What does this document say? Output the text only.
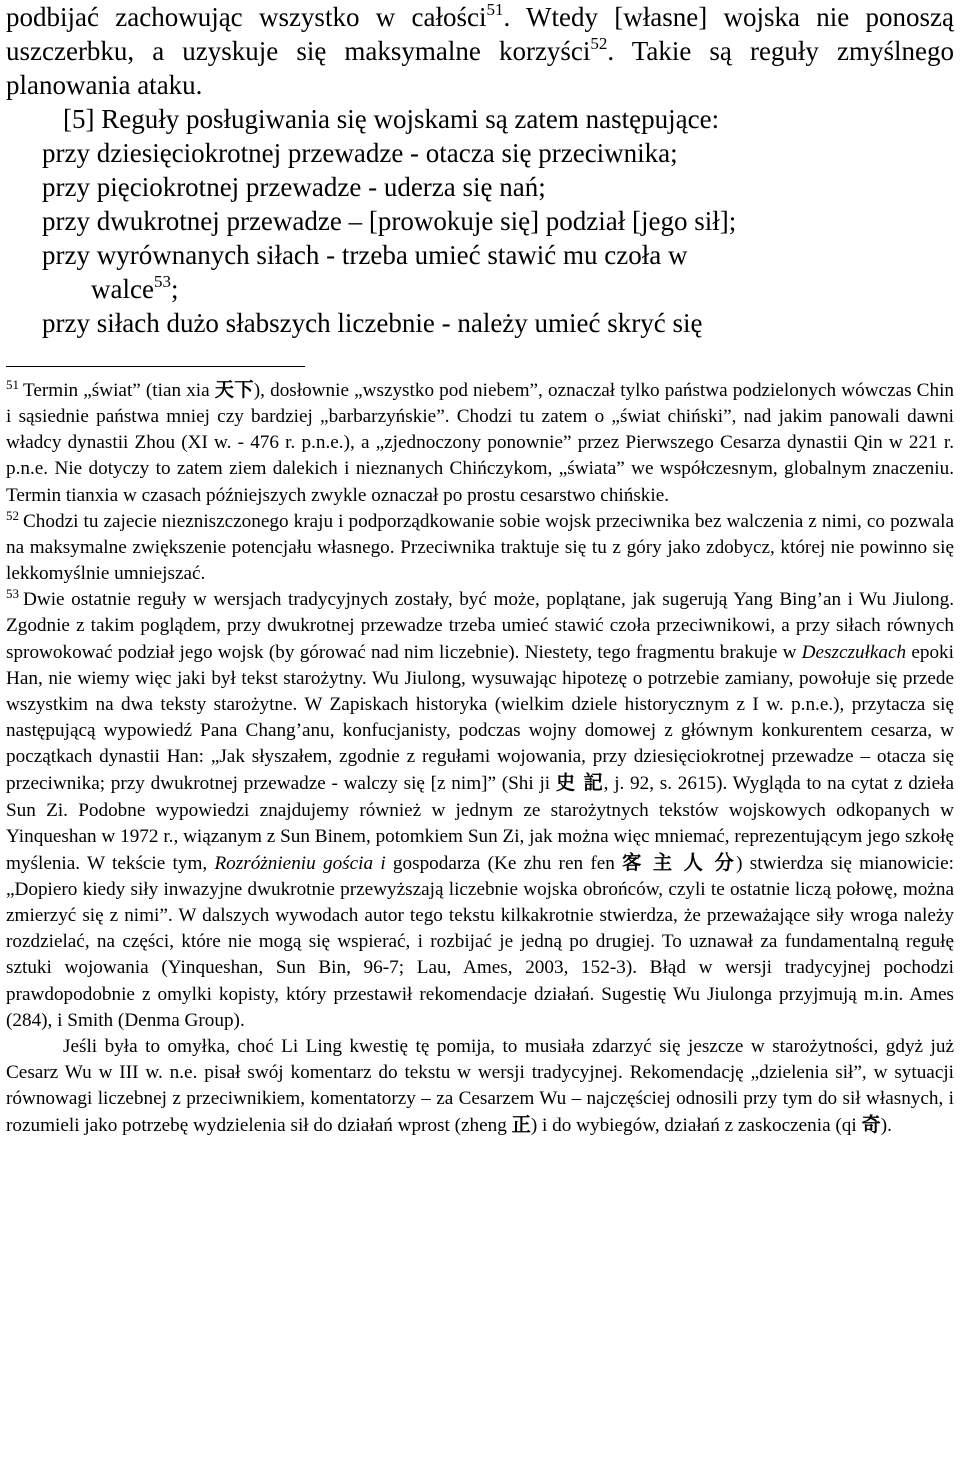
podbijać zachowując wszystko w całości$^{51}$. Wtedy [własne] wojska nie ponoszą uszczerbku, a uzyskuje się maksymalne korzyści$^{52}$. Takie są reguły zmyślnego planowania ataku.

[5] Reguły posługiwania się wojskami są zatem następujące:
przy dziesięciokrotnej przewadze - otacza się przeciwnika;
przy pięciokrotnej przewadze - uderza się nań;
przy dwukrotnej przewadze – [prowokuje się] podział [jego sił];
przy wyrównanych siłach - trzeba umieć stawić mu czoła w
walce$^{53}$;
przy siłach dużo słabszych liczebnie - należy umieć skryć się

$^{51}$ Termin „świat” (tian xia 天下), dosłownie „wszystko pod niebem”, oznaczał tylko państwa podzielonych wówczas Chin i sąsiednie państwa mniej czy bardziej „barbarzyńskie”. Chodzi tu zatem o „świat chiński”, nad jakim panowali dawni władcy dynastii Zhou (XI w. - 476 r. p.n.e.), a „zjednoczony ponownie” przez Pierwszego Cesarza dynastii Qin w 221 r. p.n.e. Nie dotyczy to zatem ziem dalekich i nieznanych Chińczykom, „świata” we współczesnym, globalnym znaczeniu. Termin tianxia w czasach późniejszych zwykle oznaczał po prostu cesarstwo chińskie.

$^{52}$ Chodzi tu zajecie niezniszczonego kraju i podporządkowanie sobie wojsk przeciwnika bez walczenia z nimi, co pozwala na maksymalne zwiększenie potencjału własnego. Przeciwnika traktuje się tu z góry jako zdobycz, której nie powinno się lekkomyślnie umniejszać.

$^{53}$ Dwie ostatnie reguły w wersjach tradycyjnych zostały, być może, poplątane, jak sugerują Yang Bing’an i Wu Jiulong. Zgodnie z takim poglądem, przy dwukrotnej przewadze trzeba umieć stawić czoła przeciwnikowi, a przy siłach równych sprowokować podział jego wojsk (by górować nad nim liczebnie). Niestety, tego fragmentu brakuje w Deszczułkach epoki Han, nie wiemy więc jaki był tekst starożytny. Wu Jiulong, wysuwając hipotezę o potrzebie zamiany, powołuje się przede wszystkim na dwa teksty starożytne. W Zapiskach historyka (wielkim dziele historycznym z I w. p.n.e.), przytacza się następującą wypowiedź Pana Chang’anu, konfucjanisty, podczas wojny domowej z głównym konkurentem cesarza, w początkach dynastii Han: „Jak słyszałem, zgodnie z regułami wojowania, przy dziesięciokrotnej przewadze – otacza się przeciwnika; przy dwukrotnej przewadze - walczy się [z nim]” (Shi ji 史 記, j. 92, s. 2615). Wygląda to na cytat z dzieła Sun Zi. Podobne wypowiedzi znajdujemy również w jednym ze starożytnych tekstów wojskowych odkopanych w Yinqueshan w 1972 r., wiązanym z Sun Binem, potomkiem Sun Zi, jak można więc mniemać, reprezentującym jego szkołę myślenia. W tekście tym, Rozróżnieniu gościa i gospodarza (Ke zhu ren fen 客 主 人 分) stwierdza się mianowicie: „Dopiero kiedy siły inwazyjne dwukrotnie przewyższają liczebnie wojska obrońców, czyli te ostatnie liczą połowę, można zmierzyć się z nimi”. W dalszych wywodach autor tego tekstu kilkakrotnie stwierdza, że przeważające siły wroga należy rozdzielać, na części, które nie mogą się wspierać, i rozbijać je jedną po drugiej. To uznawał za fundamentalną regułę sztuki wojowania (Yinqueshan, Sun Bin, 96-7; Lau, Ames, 2003, 152-3). Błąd w wersji tradycyjnej pochodzi prawdopodobnie z omylki kopisty, który przestawił rekomendacje działań. Sugestię Wu Jiulonga przyjmują m.in. Ames (284), i Smith (Denma Group).

Jeśli była to omyłka, choć Li Ling kwestię tę pomija, to musiała zdarzyć się jeszcze w starożytności, gdyż już Cesarz Wu w III w. n.e. pisał swój komentarz do tekstu w wersji tradycyjnej. Rekomendację „dzielenia sił”, w sytuacji równowagi liczebnej z przeciwnikiem, komentatorzy – za Cesarzem Wu – najczęściej odnosili przy tym do sił własnych, i rozumieli jako potrzebę wydzielenia sił do działań wprost (zheng 正) i do wybiegów, działań z zaskoczenia (qi 奇).
